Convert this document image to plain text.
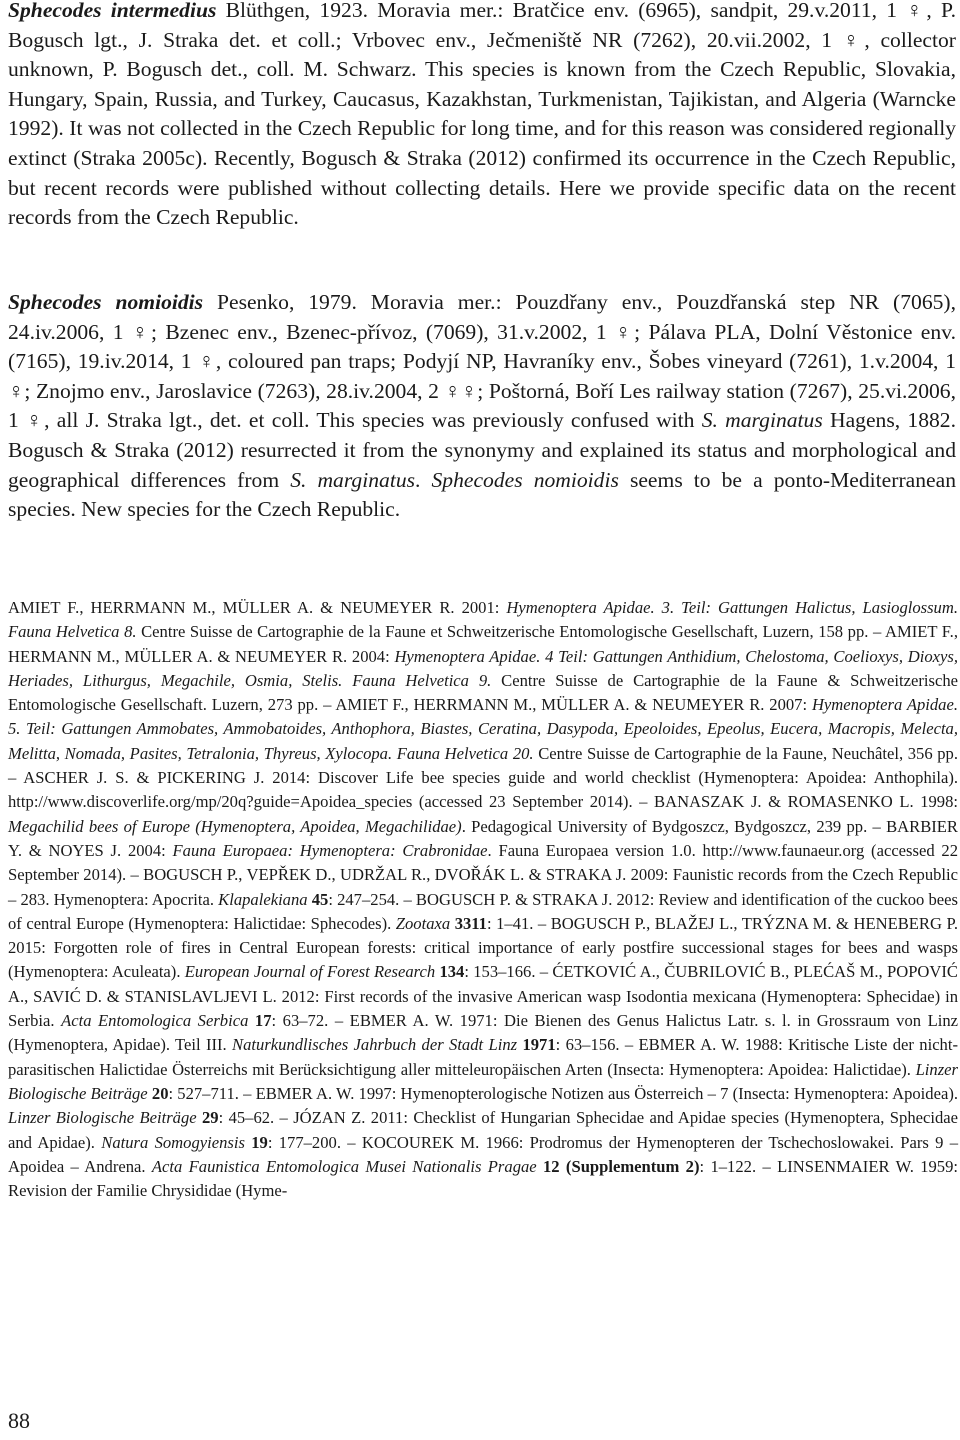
Sphecodes intermedius Blüthgen, 1923. Moravia mer.: Bratčice env. (6965), sandpit, 29.v.2011, 1 ♀, P. Bogusch lgt., J. Straka det. et coll.; Vrbovec env., Ječmeniště NR (7262), 20.vii.2002, 1 ♀, collector unknown, P. Bogusch det., coll. M. Schwarz. This species is known from the Czech Republic, Slovakia, Hungary, Spain, Russia, and Turkey, Caucasus, Kazakhstan, Turkmenistan, Tajikistan, and Algeria (Warncke 1992). It was not collected in the Czech Republic for long time, and for this reason was considered regionally extinct (Straka 2005c). Recently, Bogusch & Straka (2012) confirmed its occurrence in the Czech Republic, but recent records were published without collecting details. Here we provide specific data on the recent records from the Czech Republic.

Sphecodes nomioidis Pesenko, 1979. Moravia mer.: Pouzdřany env., Pouzdřanská step NR (7065), 24.iv.2006, 1 ♀; Bzenec env., Bzenec-přívoz, (7069), 31.v.2002, 1 ♀; Pálava PLA, Dolní Věstonice env. (7165), 19.iv.2014, 1 ♀, coloured pan traps; Podyjí NP, Havraníky env., Šobes vineyard (7261), 1.v.2004, 1 ♀; Znojmo env., Jaroslavice (7263), 28.iv.2004, 2 ♀♀; Poštorná, Boří Les railway station (7267), 25.vi.2006, 1 ♀, all J. Straka lgt., det. et coll. This species was previously confused with S. marginatus Hagens, 1882. Bogusch & Straka (2012) resurrected it from the synonymy and explained its status and morphological and geographical differences from S. marginatus. Sphecodes nomioidis seems to be a ponto-Mediterranean species. New species for the Czech Republic.

AMIET F., HERRMANN M., MÜLLER A. & NEUMEYER R. 2001: Hymenoptera Apidae. 3. Teil: Gattungen Halictus, Lasioglossum. Fauna Helvetica 8. Centre Suisse de Cartographie de la Faune et Schweitzerische Entomologische Gesellschaft, Luzern, 158 pp. – AMIET F., HERMANN M., MÜLLER A. & NEUMEYER R. 2004: Hymenoptera Apidae. 4 Teil: Gattungen Anthidium, Chelostoma, Coelioxys, Dioxys, Heriades, Lithurgus, Megachile, Osmia, Stelis. Fauna Helvetica 9. Centre Suisse de Cartographie de la Faune & Schweitzerische Entomologische Gesellschaft. Luzern, 273 pp. – AMIET F., HERRMANN M., MÜLLER A. & NEUMEYER R. 2007: Hymenoptera Apidae. 5. Teil: Gattungen Ammobates, Ammobatoides, Anthophora, Biastes, Ceratina, Dasypoda, Epeoloides, Epeolus, Eucera, Macropis, Melecta, Melitta, Nomada, Pasites, Tetralonia, Thyreus, Xylocopa. Fauna Helvetica 20. Centre Suisse de Cartographie de la Faune, Neuchâtel, 356 pp. – ASCHER J. S. & PICKERING J. 2014: Discover Life bee species guide and world checklist (Hymenoptera: Apoidea: Anthophila). http://www.discoverlife.org/mp/20q?guide=Apoidea_species (accessed 23 September 2014). – BANASZAK J. & ROMASENKO L. 1998: Megachilid bees of Europe (Hymenoptera, Apoidea, Megachilidae). Pedagogical University of Bydgoszcz, Bydgoszcz, 239 pp. – BARBIER Y. & NOYES J. 2004: Fauna Europaea: Hymenoptera: Crabronidae. Fauna Europaea version 1.0. http://www.faunaeur.org (accessed 22 September 2014). – BOGUSCH P., VEPŘEK D., UDRŽAL R., DVOŘÁK L. & STRAKA J. 2009: Faunistic records from the Czech Republic – 283. Hymenoptera: Apocrita. Klapalekiana 45: 247–254. – BOGUSCH P. & STRAKA J. 2012: Review and identification of the cuckoo bees of central Europe (Hymenoptera: Halictidae: Sphecodes). Zootaxa 3311: 1–41. – BOGUSCH P., BLAŽEJ L., TRÝZNA M. & HENEBERG P. 2015: Forgotten role of fires in Central European forests: critical importance of early postfire successional stages for bees and wasps (Hymenoptera: Aculeata). European Journal of Forest Research 134: 153–166. – ĆETKOVIĆ A., ČUBRILOVIĆ B., PLEĆAŠ M., POPOVIĆ A., SAVIĆ D. & STANISLAVLJEVI L. 2012: First records of the invasive American wasp Isodontia mexicana (Hymenoptera: Sphecidae) in Serbia. Acta Entomologica Serbica 17: 63–72. – EBMER A. W. 1971: Die Bienen des Genus Halictus Latr. s. l. in Grossraum von Linz (Hymenoptera, Apidae). Teil III. Naturkundlisches Jahrbuch der Stadt Linz 1971: 63–156. – EBMER A. W. 1988: Kritische Liste der nicht-parasitischen Halictidae Österreichs mit Berücksichtigung aller mitteleuropäischen Arten (Insecta: Hymenoptera: Apoidea: Halictidae). Linzer Biologische Beiträge 20: 527–711. – EBMER A. W. 1997: Hymenopterologische Notizen aus Österreich – 7 (Insecta: Hymenoptera: Apoidea). Linzer Biologische Beiträge 29: 45–62. – JÓZAN Z. 2011: Checklist of Hungarian Sphecidae and Apidae species (Hymenoptera, Sphecidae and Apidae). Natura Somogyiensis 19: 177–200. – KOCOUREK M. 1966: Prodromus der Hymenopteren der Tschechoslowakei. Pars 9 – Apoidea – Andrena. Acta Faunistica Entomologica Musei Nationalis Pragae 12 (Supplementum 2): 1–122. – LINSENMAIER W. 1959: Revision der Familie Chrysididae (Hyme-

88
